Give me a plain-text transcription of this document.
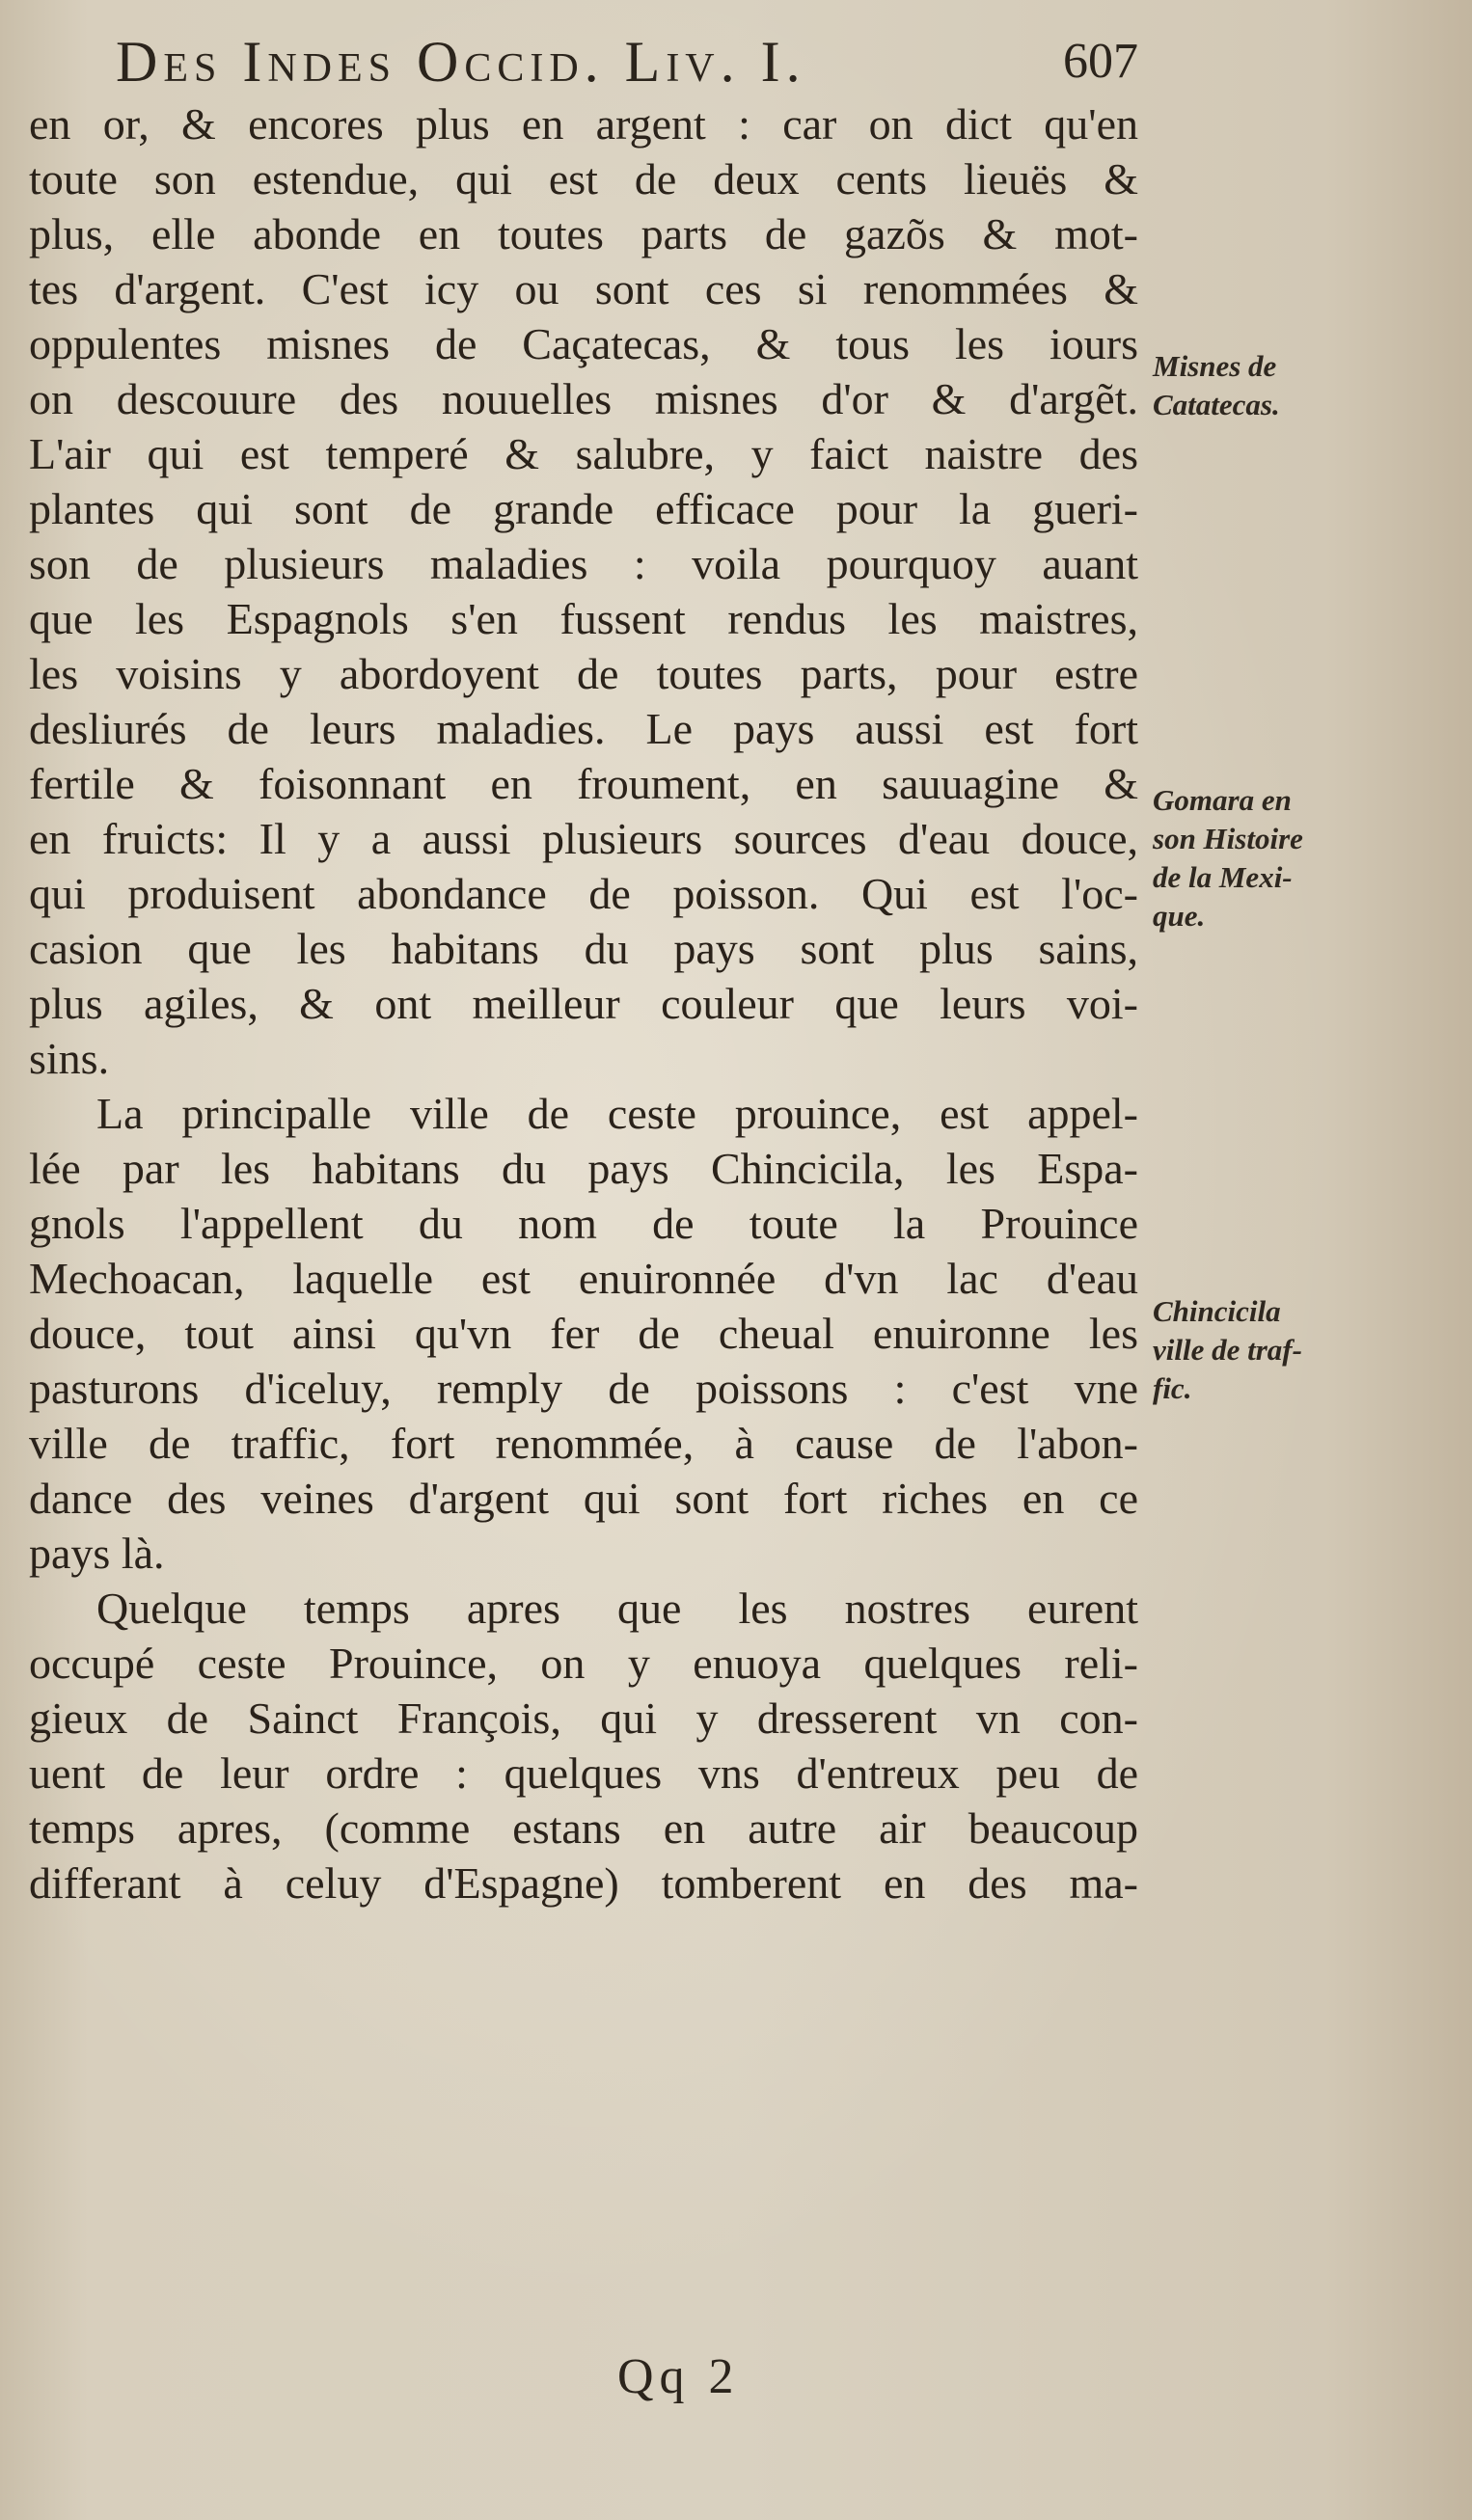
Des Indes Occid. Liv. I.	607
en or, & encores plus en argent : car on dict qu'en
toute son estendue, qui est de deux cents lieuës &
plus, elle abonde en toutes parts de gazõs & mot-
tes d'argent. C'est icy ou sont ces si renommées &
oppulentes misnes de Caçatecas, & tous les iours
on descouure des nouuelles misnes d'or & d'argẽt.
L'air qui est temperé & salubre, y faict naistre des
plantes qui sont de grande efficace pour la gueri-
son de plusieurs maladies : voila pourquoy auant
que les Espagnols s'en fussent rendus les maistres,
les voisins y abordoyent de toutes parts, pour estre
desliurés de leurs maladies. Le pays aussi est fort
fertile & foisonnant en froument, en sauuagine &
en fruicts: Il y a aussi plusieurs sources d'eau douce,
qui produisent abondance de poisson. Qui est l'oc-
casion que les habitans du pays sont plus sains,
plus agiles, & ont meilleur couleur que leurs voi-
sins.
La principalle ville de ceste prouince, est appel-
lée par les habitans du pays Chincicila, les Espa-
gnols l'appellent du nom de toute la Prouince
Mechoacan, laquelle est enuironnée d'vn lac d'eau
douce, tout ainsi qu'vn fer de cheual enuironne les
pasturons d'iceluy, remply de poissons : c'est vne
ville de traffic, fort renommée, à cause de l'abon-
dance des veines d'argent qui sont fort riches en ce
pays là.
Quelque temps apres que les nostres eurent
occupé ceste Prouince, on y enuoya quelques reli-
gieux de Sainct François, qui y dresserent vn con-
uent de leur ordre : quelques vns d'entreux peu de
temps apres, (comme estans en autre air beaucoup
differant à celuy d'Espagne) tomberent en des ma-
Misnes de
Catatecas.
Gomara en
son Histoire
de la Mexi-
que.
Chincicila
ville de traf-
fic.
Qq 2
